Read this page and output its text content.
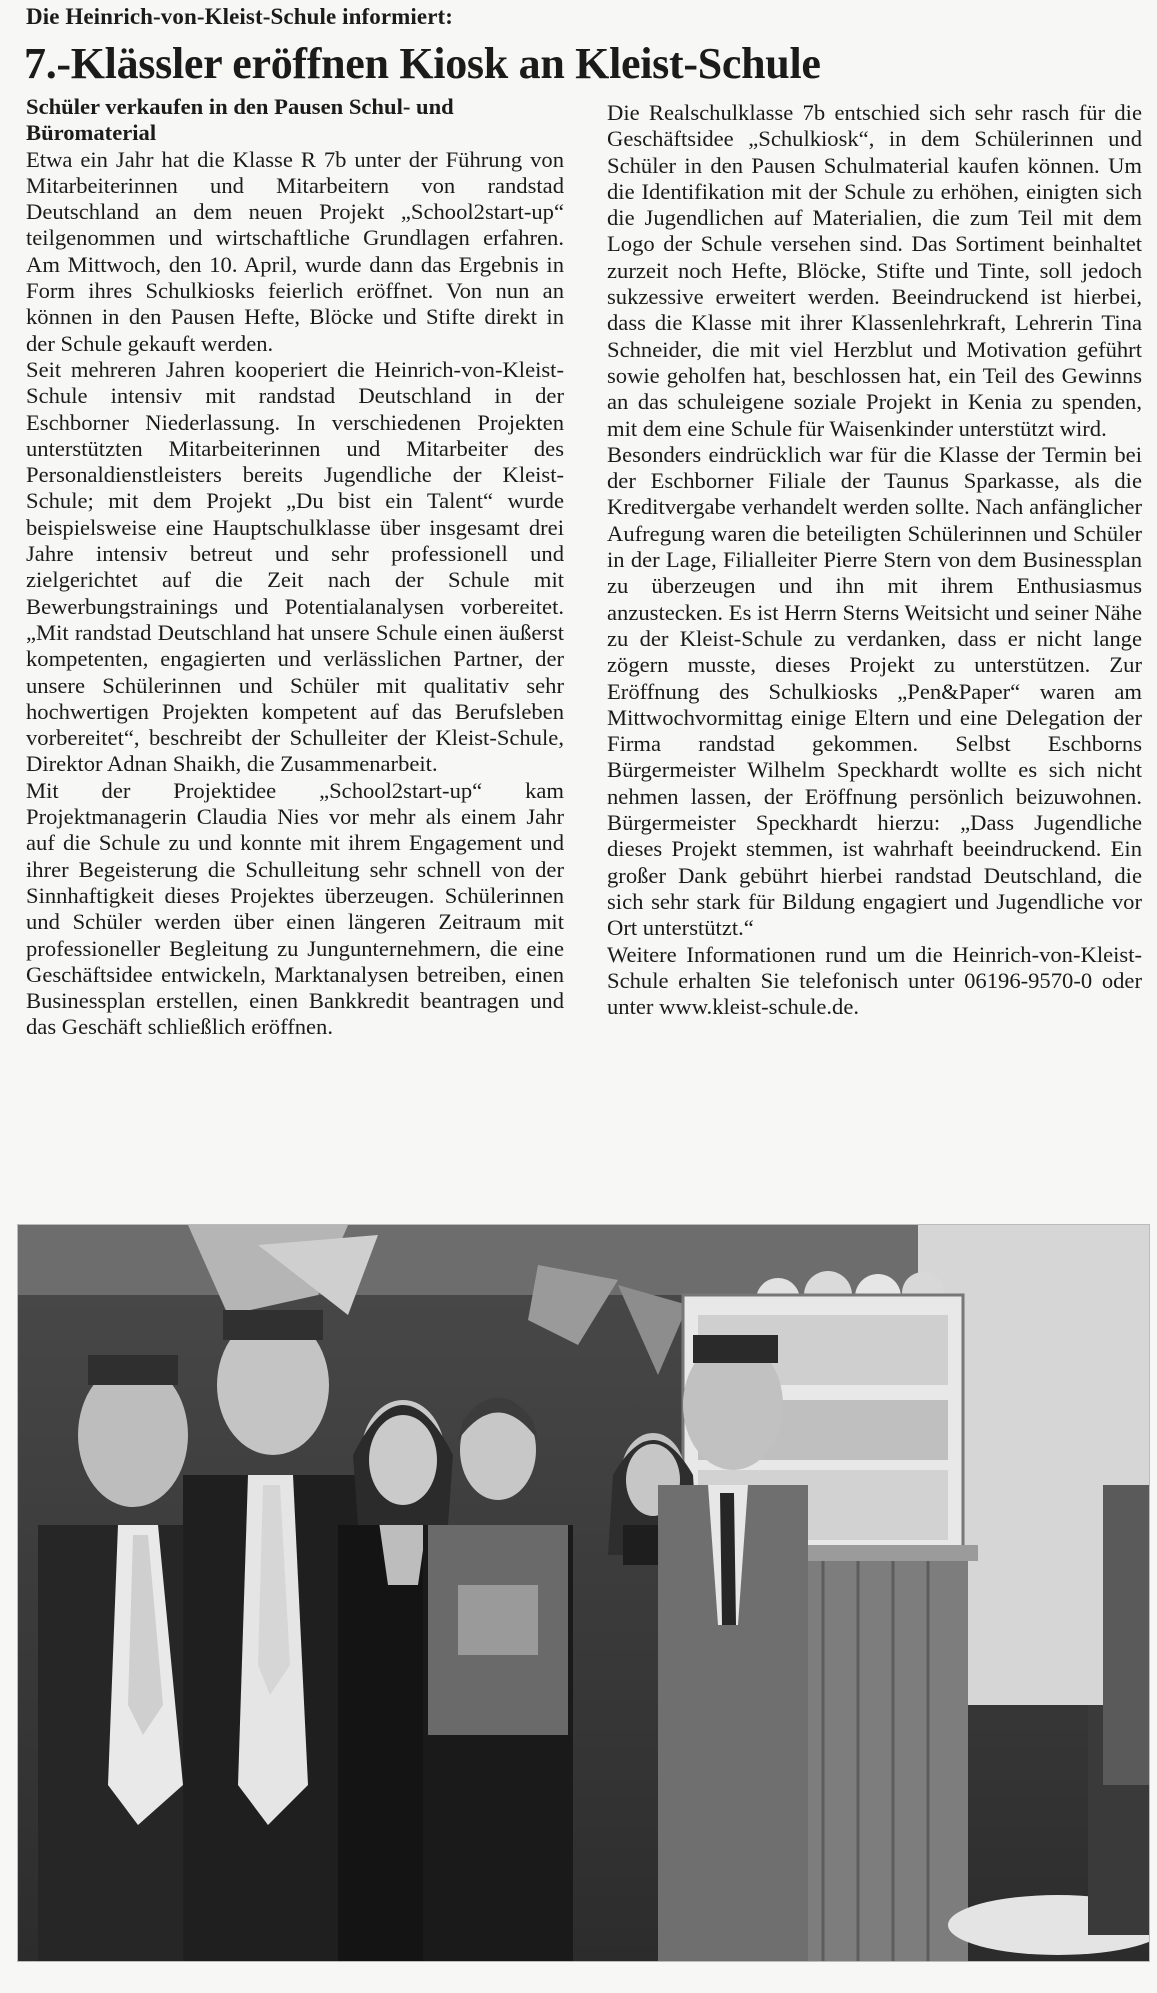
Die Heinrich-von-Kleist-Schule informiert:
7.-Klässler eröffnen Kiosk an Kleist-Schule
Schüler verkaufen in den Pausen Schul- und Büromaterial

Etwa ein Jahr hat die Klasse R 7b unter der Führung von Mitarbeiterinnen und Mitarbeitern von randstad Deutschland an dem neuen Projekt „School2start-up“ teilgenommen und wirtschaftliche Grundlagen erfahren. Am Mittwoch, den 10. April, wurde dann das Ergebnis in Form ihres Schulkiosks feierlich eröffnet. Von nun an können in den Pausen Hefte, Blöcke und Stifte direkt in der Schule gekauft werden.

Seit mehreren Jahren kooperiert die Heinrich-von-Kleist-Schule intensiv mit randstad Deutschland in der Eschborner Niederlassung. In verschiedenen Projekten unterstützten Mitarbeiterinnen und Mitarbeiter des Personaldienstleisters bereits Jugendliche der Kleist-Schule; mit dem Projekt „Du bist ein Talent“ wurde beispielsweise eine Hauptschulklasse über insgesamt drei Jahre intensiv betreut und sehr professionell und zielgerichtet auf die Zeit nach der Schule mit Bewerbungstrainings und Potentialanalysen vorbereitet. „Mit randstad Deutschland hat unsere Schule einen äußerst kompetenten, engagierten und verlässlichen Partner, der unsere Schülerinnen und Schüler mit qualitativ sehr hochwertigen Projekten kompetent auf das Berufsleben vorbereitet“, beschreibt der Schulleiter der Kleist-Schule, Direktor Adnan Shaikh, die Zusammenarbeit.

Mit der Projektidee „School2start-up“ kam Projektmanagerin Claudia Nies vor mehr als einem Jahr auf die Schule zu und konnte mit ihrem Engagement und ihrer Begeisterung die Schulleitung sehr schnell von der Sinnhaftigkeit dieses Projektes überzeugen. Schülerinnen und Schüler werden über einen längeren Zeitraum mit professioneller Begleitung zu Jungunternehmern, die eine Geschäftsidee entwickeln, Marktanalysen betreiben, einen Businessplan erstellen, einen Bankkredit beantragen und das Geschäft schließlich eröffnen.

Die Realschulklasse 7b entschied sich sehr rasch für die Geschäftsidee „Schulkiosk“, in dem Schülerinnen und Schüler in den Pausen Schulmaterial kaufen können. Um die Identifikation mit der Schule zu erhöhen, einigten sich die Jugendlichen auf Materialien, die zum Teil mit dem Logo der Schule versehen sind. Das Sortiment beinhaltet zurzeit noch Hefte, Blöcke, Stifte und Tinte, soll jedoch sukzessive erweitert werden. Beeindruckend ist hierbei, dass die Klasse mit ihrer Klassenlehrkraft, Lehrerin Tina Schneider, die mit viel Herzblut und Motivation geführt sowie geholfen hat, beschlossen hat, ein Teil des Gewinns an das schuleigene soziale Projekt in Kenia zu spenden, mit dem eine Schule für Waisenkinder unterstützt wird.

Besonders eindrücklich war für die Klasse der Termin bei der Eschborner Filiale der Taunus Sparkasse, als die Kreditvergabe verhandelt werden sollte. Nach anfänglicher Aufregung waren die beteiligten Schülerinnen und Schüler in der Lage, Filialleiter Pierre Stern von dem Businessplan zu überzeugen und ihn mit ihrem Enthusiasmus anzustecken. Es ist Herrn Sterns Weitsicht und seiner Nähe zu der Kleist-Schule zu verdanken, dass er nicht lange zögern musste, dieses Projekt zu unterstützen. Zur Eröffnung des Schulkiosks „Pen&Paper“ waren am Mittwochvormittag einige Eltern und eine Delegation der Firma randstad gekommen. Selbst Eschborns Bürgermeister Wilhelm Speckhardt wollte es sich nicht nehmen lassen, der Eröffnung persönlich beizuwohnen. Bürgermeister Speckhardt hierzu: „Dass Jugendliche dieses Projekt stemmen, ist wahrhaft beeindruckend. Ein großer Dank gebührt hierbei randstad Deutschland, die sich sehr stark für Bildung engagiert und Jugendliche vor Ort unterstützt.“

Weitere Informationen rund um die Heinrich-von-Kleist-Schule erhalten Sie telefonisch unter 06196-9570-0 oder unter www.kleist-schule.de.
